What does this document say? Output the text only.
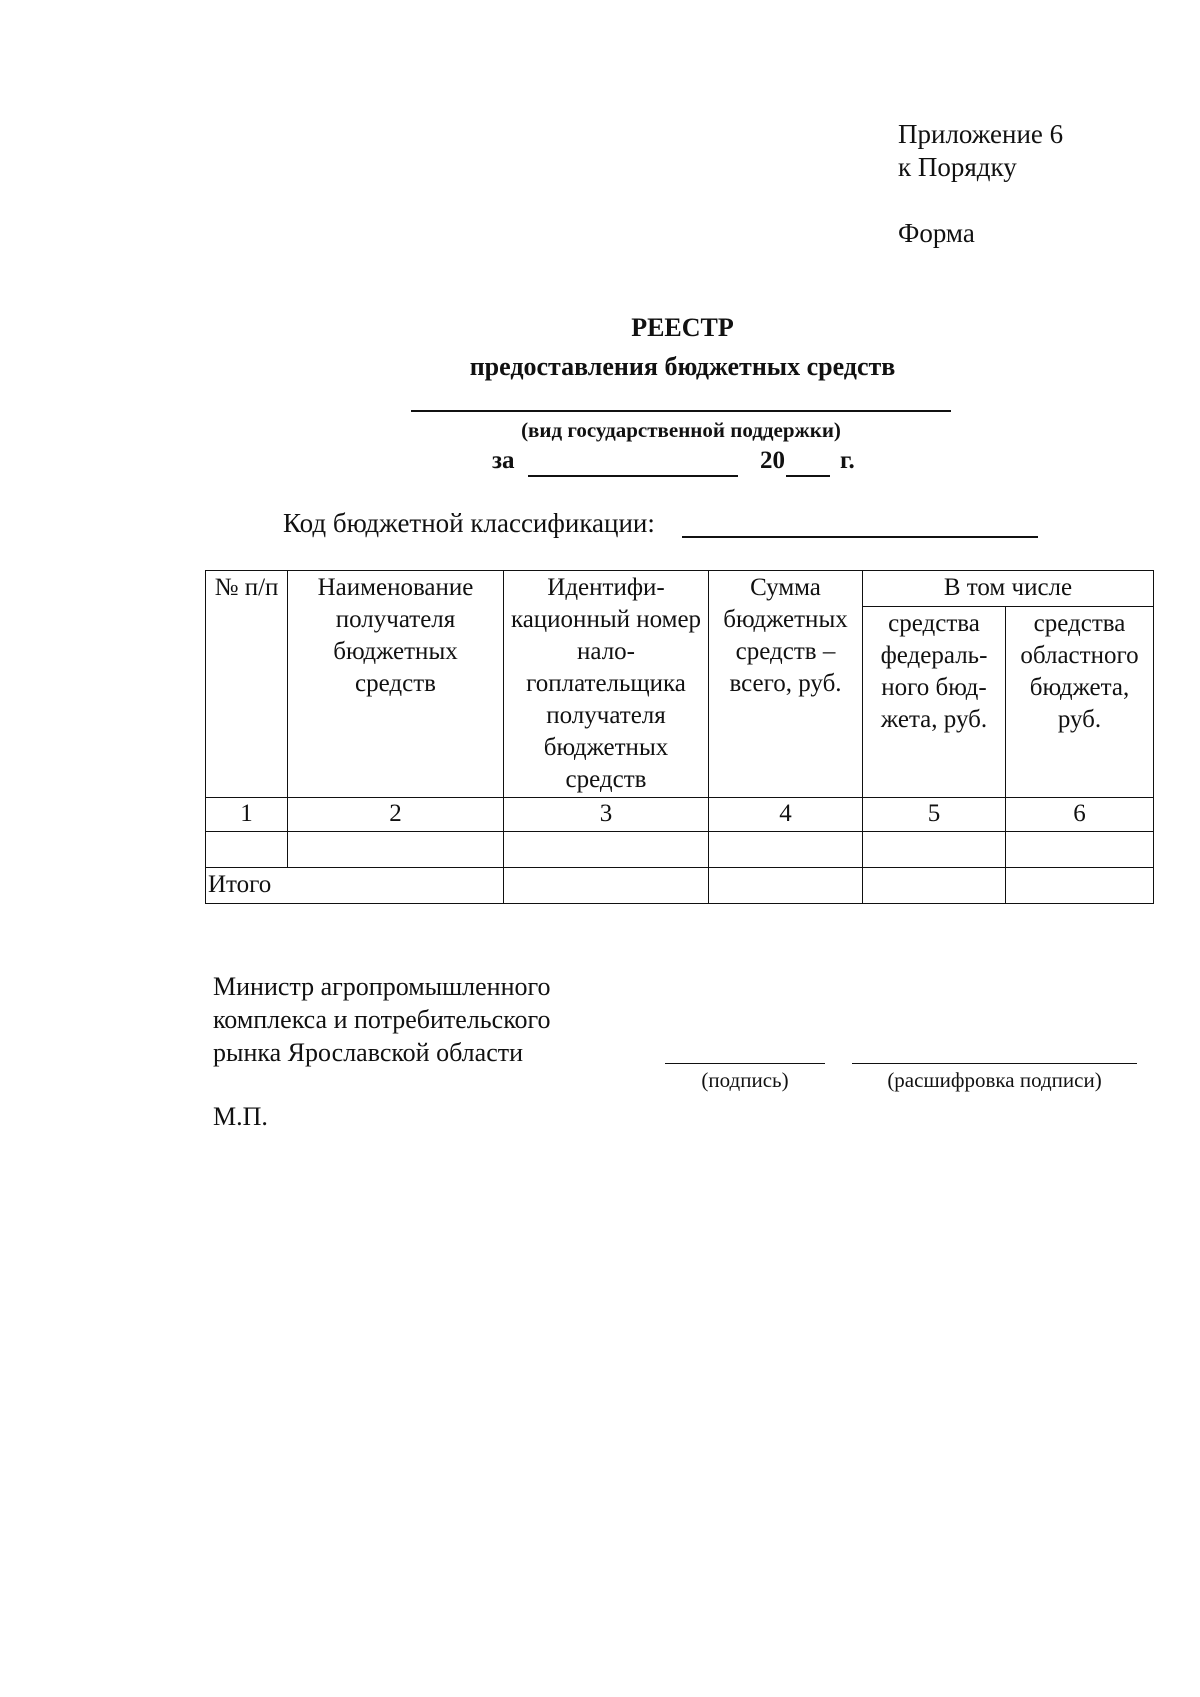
Приложение 6
к Порядку
Форма
РЕЕСТР
предоставления бюджетных средств
(вид государственной поддержки)
за	20 г.
Код бюджетной классификации:
№ п/п	Наименование получателя бюджетных средств	Идентифи-кационный номер нало-гоплательщика получателя бюджетных средств	Сумма бюджетных средств – всего, руб.	В том числе	
				средства федераль-ного бюд-жета, руб.	средства областного бюджета, руб.
1	2	3	4	5	6

Итого					
Министр агропромышленного
комплекса и потребительского
рынка Ярославской области
(подпись)	(расшифровка подписи)
М.П.
